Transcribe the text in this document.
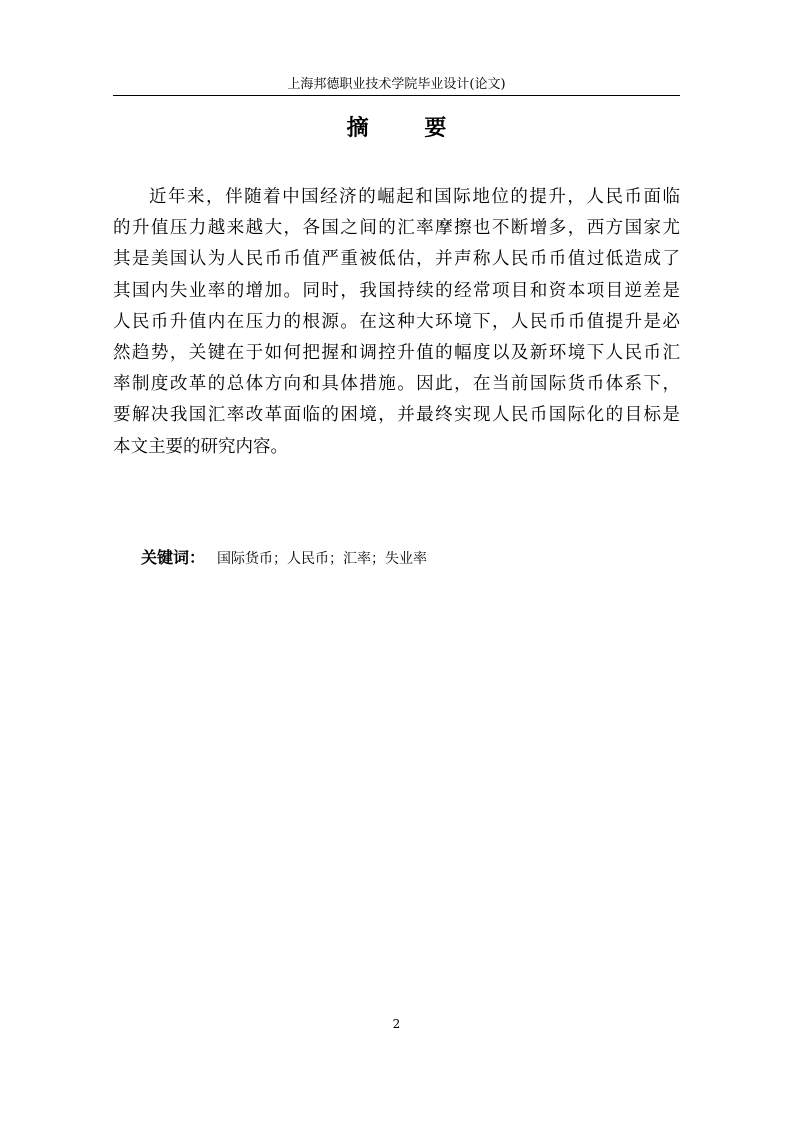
上海邦德职业技术学院毕业设计(论文)
摘 要
近年来，伴随着中国经济的崛起和国际地位的提升，人民币面临
的升值压力越来越大，各国之间的汇率摩擦也不断增多，西方国家尤
其是美国认为人民币币值严重被低估，并声称人民币币值过低造成了
其国内失业率的增加。同时，我国持续的经常项目和资本项目逆差是
人民币升值内在压力的根源。在这种大环境下，人民币币值提升是必
然趋势，关键在于如何把握和调控升值的幅度以及新环境下人民币汇
率制度改革的总体方向和具体措施。因此，在当前国际货币体系下，
要解决我国汇率改革面临的困境，并最终实现人民币国际化的目标是
本文主要的研究内容。
关键词： 国际货币；人民币；汇率；失业率
2
